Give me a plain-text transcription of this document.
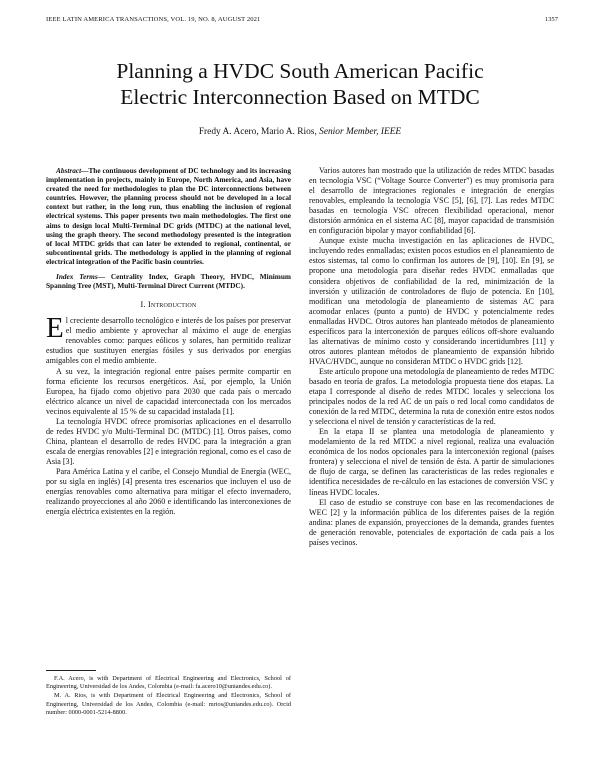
IEEE LATIN AMERICA TRANSACTIONS, VOL. 19, NO. 8, AUGUST 2021	1357
Planning a HVDC South American Pacific
Electric Interconnection Based on MTDC
Fredy A. Acero, Mario A. Rios, Senior Member, IEEE

Abstract—The continuous development of DC technology and its increasing implementation in projects, mainly in Europe, North America, and Asia, have created the need for methodologies to plan the DC interconnections between countries. However, the planning process should not be developed in a local context but rather, in the long run, thus enabling the inclusion of regional electrical systems. This paper presents two main methodologies. The first one aims to design local Multi-Terminal DC grids (MTDC) at the national level, using the graph theory. The second methodology presented is the integration of local MTDC grids that can later be extended to regional, continental, or subcontinental grids. The methodology is applied in the planning of regional electrical integration of the Pacific basin countries.

Index Terms— Centrality Index, Graph Theory, HVDC, Minimum Spanning Tree (MST), Multi-Terminal Direct Current (MTDC).

I. Introduction

El creciente desarrollo tecnológico e interés de los países por preservar el medio ambiente y aprovechar al máximo el auge de energías renovables como: parques eólicos y solares, han permitido realizar estudios que sustituyen energías fósiles y sus derivados por energías amigables con el medio ambiente.

A su vez, la integración regional entre países permite compartir en forma eficiente los recursos energéticos. Así, por ejemplo, la Unión Europea, ha fijado como objetivo para 2030 que cada país o mercado eléctrico alcance un nivel de capacidad interconectada con los mercados vecinos equivalente al 15 % de su capacidad instalada [1].

La tecnología HVDC ofrece promisorias aplicaciones en el desarrollo de redes HVDC y/o Multi-Terminal DC (MTDC) [1]. Otros países, como China, plantean el desarrollo de redes HVDC para la integración a gran escala de energías renovables [2] e integración regional, como es el caso de Asia [3].

Para América Latina y el caribe, el Consejo Mundial de Energía (WEC, por su sigla en inglés) [4] presenta tres escenarios que incluyen el uso de energías renovables como alternativa para mitigar el efecto invernadero, realizando proyecciones al año 2060 e identificando las interconexiones de energía eléctrica existentes en la región.

F.A. Acero, is with Department of Electrical Engineering and Electronics, School of Engineering, Universidad de los Andes, Colombia (e-mail: fa.acero10@uniandes.edu.co).

M. A. Rios, is with Department of Electrical Engineering and Electronics, School of Engineering, Universidad de los Andes, Colombia (e-mail: mrios@uniandes.edu.co). Orcid number: 0000-0001-5214-8800.

Varios autores han mostrado que la utilización de redes MTDC basadas en tecnología VSC (“Voltage Source Converter”) es muy promisoria para el desarrollo de integraciones regionales e integración de energías renovables, empleando la tecnología VSC [5], [6], [7]. Las redes MTDC basadas en tecnología VSC ofrecen flexibilidad operacional, menor distorsión armónica en el sistema AC [8], mayor capacidad de transmisión en configuración bipolar y mayor confiabilidad [6].

Aunque existe mucha investigación en las aplicaciones de HVDC, incluyendo redes enmalladas; existen pocos estudios en el planeamiento de estos sistemas, tal como lo confirman los autores de [9], [10]. En [9], se propone una metodología para diseñar redes HVDC enmalladas que considera objetivos de confiabilidad de la red, minimización de la inversión y utilización de controladores de flujo de potencia. En [10], modifican una metodología de planeamiento de sistemas AC para acomodar enlaces (punto a punto) de HVDC y potencialmente redes enmalladas HVDC. Otros autores han planteado métodos de planeamiento específicos para la interconexión de parques eólicos off-shore evaluando las alternativas de mínimo costo y considerando incertidumbres [11] y otros autores plantean métodos de planeamiento de expansión híbrido HVAC/HVDC, aunque no consideran MTDC o HVDC grids [12].

Este artículo propone una metodología de planeamiento de redes MTDC basado en teoría de grafos. La metodología propuesta tiene dos etapas. La etapa I corresponde al diseño de redes MTDC locales y selecciona los principales nodos de la red AC de un país o red local como candidatos de conexión de la red MTDC, determina la ruta de conexión entre estos nodos y selecciona el nivel de tensión y características de la red.

En la etapa II se plantea una metodología de planeamiento y modelamiento de la red MTDC a nivel regional, realiza una evaluación económica de los nodos opcionales para la interconexión regional (países frontera) y selecciona el nivel de tensión de ésta. A partir de simulaciones de flujo de carga, se definen las características de las redes regionales e identifica necesidades de re-cálculo en las estaciones de conversión VSC y líneas HVDC locales.

El caso de estudio se construye con base en las recomendaciones de WEC [2] y la información pública de los diferentes países de la región andina: planes de expansión, proyecciones de la demanda, grandes fuentes de generación renovable, potenciales de exportación de cada país a los países vecinos.
